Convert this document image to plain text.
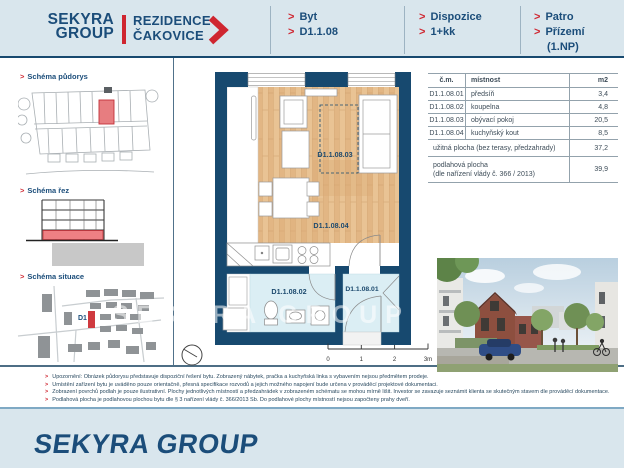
SEKYRA
GROUP
REZIDENCE
ČAKOVICE
> Byt
> D1.1.08
> Dispozice
> 1+kk
> Patro
> Přízemí
(1.NP)
> Schéma půdorys
> Schéma řez
> Schéma situace
D1
D1.1.08.03
D1.1.08.04
D1.1.08.02	D1.1.08.01
SEKYRA GROUP
0	1	2	3m
č.m.	místnost	m2
D1.1.08.01	předsíň	3,4
D1.1.08.02	koupelna	4,8
D1.1.08.03	obývací pokoj	20,5
D1.1.08.04	kuchyňský kout	8,5
užitná plocha (bez terasy, předzahrady)	37,2
podlahová plocha
(dle nařízení vlády č. 366 / 2013)
39,9
> Upozornění: Obrázek půdorysu představuje dispoziční řešení bytu. Zobrazený nábytek, pračka a kuchyňská linka s vybavením nejsou předmětem prodeje.
> Umístění zařízení bytu je uváděno pouze orientačně, přesná specifikace rozvodů a jejich možného napojení bude určena v prováděcí projektové dokumentaci.
> Zobrazení povrchů podlah je pouze ilustrativní. Plochy jednotlivých místností a předzahrádek v zobrazeném schématu se mohou mírně lišit. Investor se zavazuje seznámit klienta se skutečným stavem dle prováděcí dokumentace.
> Podlahová plocha je podlahovou plochou bytu dle § 3 nařízení vlády č. 366/2013 Sb. Do podlahové plochy místností nejsou započteny prahy dveří.
SEKYRA GROUP
